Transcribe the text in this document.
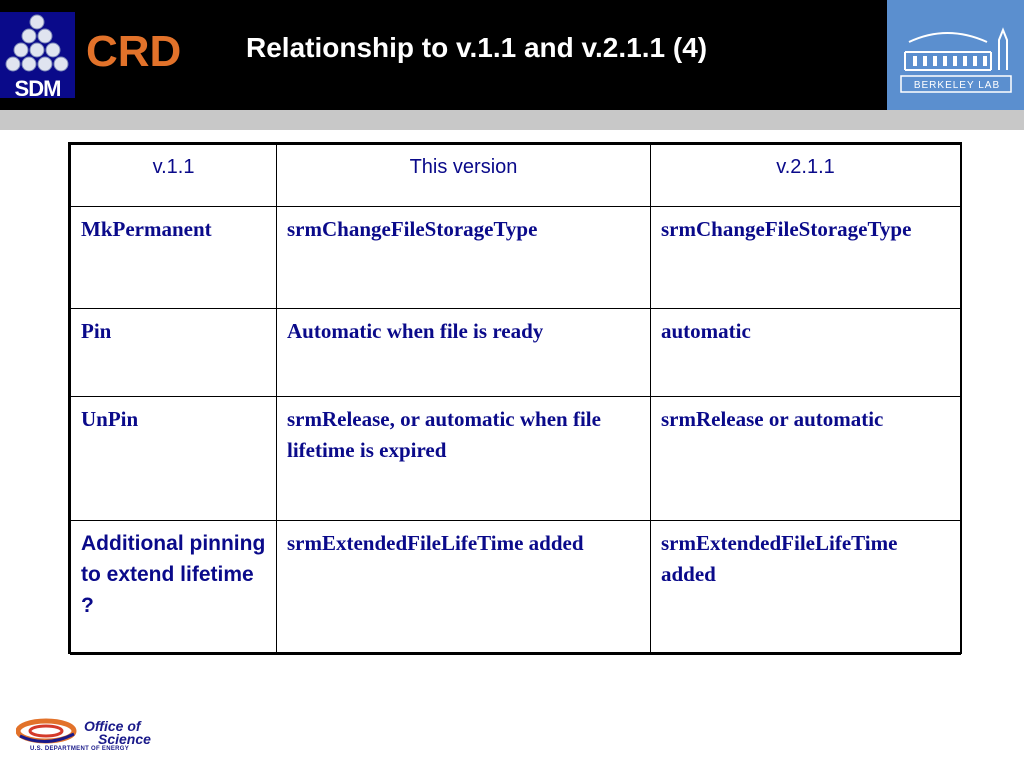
SDM
CRD Relationship to v.1.1 and v.2.1.1 (4)
BERKELEY LAB
v.1.1	This version	v.2.1.1
MkPermanent	srmChangeFileStorageType	srmChangeFileStorageType
Pin	Automatic when file is ready	automatic
UnPin	srmRelease, or automatic when file lifetime is expired	srmRelease or automatic
Additional pinning to extend lifetime ?	srmExtendedFileLifeTime added	srmExtendedFileLifeTime added
Office of
Science
U.S. DEPARTMENT OF ENERGY
